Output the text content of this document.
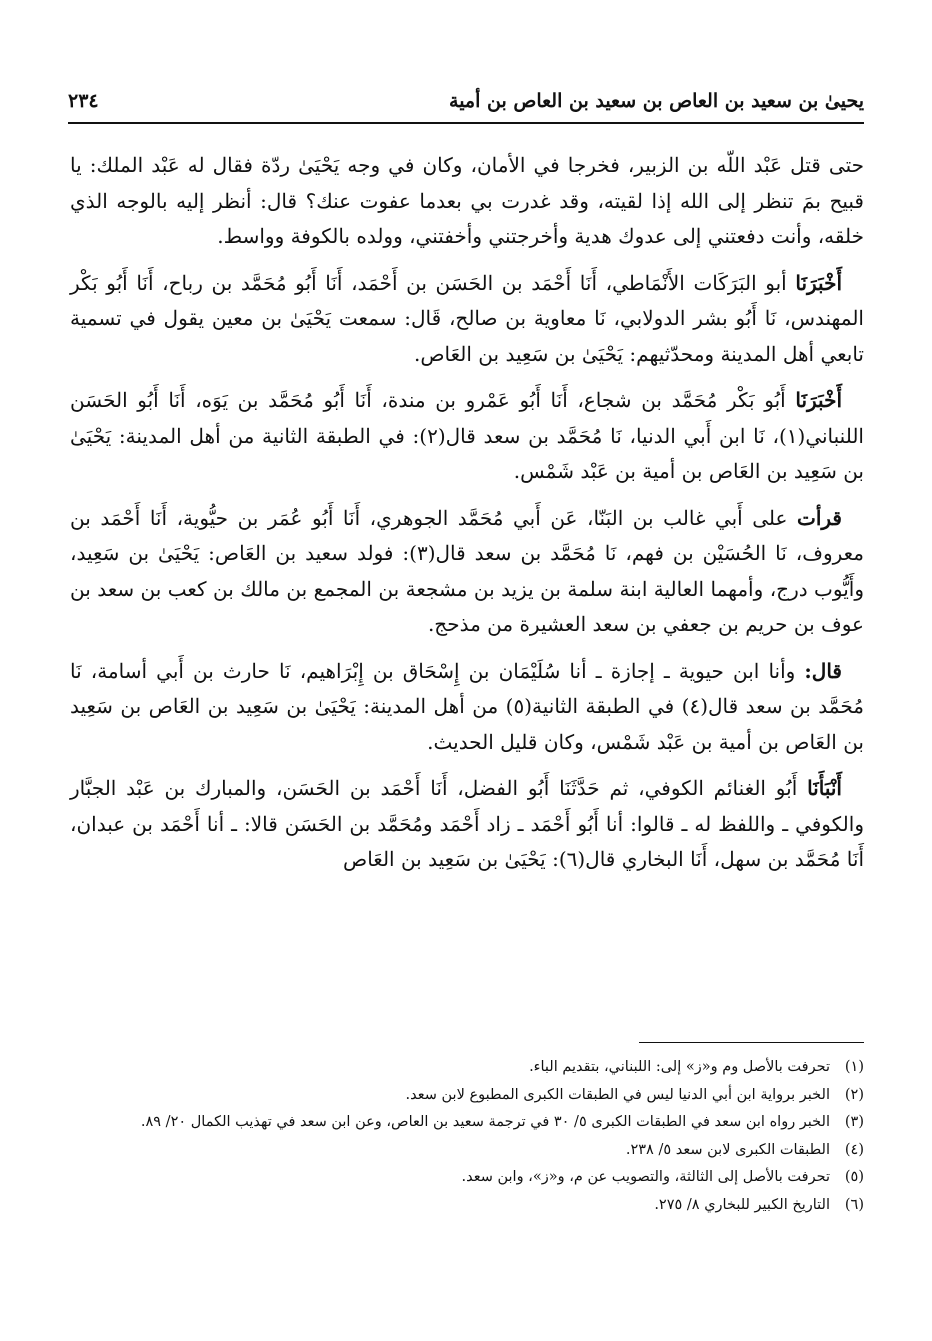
يحيىٰ بن سعيد بن العاص بن سعيد بن العاص بن أمية
٢٣٤

حتى قتل عَبْد اللّه بن الزبير، فخرجا في الأمان، وكان في وجه يَحْيَىٰ ردّة فقال له عَبْد الملك: يا قبيح بمَ تنظر إلى الله إذا لقيته، وقد غدرت بي بعدما عفوت عنك؟ قال: أنظر إليه بالوجه الذي خلقه، وأنت دفعتني إلى عدوك هدية وأخرجتني وأخفتني، وولده بالكوفة وواسط.

أَخْبَرَنَا أبو البَرَكَات الأَنْمَاطي، أَنَا أَحْمَد بن الحَسَن بن أَحْمَد، أَنَا أَبُو مُحَمَّد بن رباح، أَنَا أَبُو بَكْر المهندس، نَا أَبُو بشر الدولابي، نَا معاوية بن صالح، قَال: سمعت يَحْيَىٰ بن معين يقول في تسمية تابعي أهل المدينة ومحدّثيهم: يَحْيَىٰ بن سَعِيد بن العَاص.

أَخْبَرَنَا أَبُو بَكْر مُحَمَّد بن شجاع، أَنَا أَبُو عَمْرو بن مندة، أَنَا أَبُو مُحَمَّد بن يَوَه، أَنَا أَبُو الحَسَن اللنباني(١)، نَا ابن أَبي الدنيا، نَا مُحَمَّد بن سعد قال(٢): في الطبقة الثانية من أهل المدينة: يَحْيَىٰ بن سَعِيد بن العَاص بن أمية بن عَبْد شَمْس.

قرأت على أَبي غالب بن البَنّا، عَن أَبي مُحَمَّد الجوهري، أَنَا أَبُو عُمَر بن حيُّوية، أَنَا أَحْمَد بن معروف، نَا الحُسَيْن بن فهم، نَا مُحَمَّد بن سعد قال(٣): فولد سعيد بن العَاص: يَحْيَىٰ بن سَعِيد، وأَيُّوب درج، وأمهما العالية ابنة سلمة بن يزيد بن مشجعة بن المجمع بن مالك بن كعب بن سعد بن عوف بن حريم بن جعفي بن سعد العشيرة من مذحج.

قال: وأنا ابن حيوية ـ إجازة ـ أنا سُلَيْمَان بن إِسْحَاق بن إِبْرَاهيم، نَا حارث بن أَبي أسامة، نَا مُحَمَّد بن سعد قال(٤) في الطبقة الثانية(٥) من أهل المدينة: يَحْيَىٰ بن سَعِيد بن العَاص بن سَعِيد بن العَاص بن أمية بن عَبْد شَمْس، وكان قليل الحديث.

أَنْبَأَنَا أَبُو الغنائم الكوفي، ثم حَدَّثَنَا أَبُو الفضل، أَنَا أَحْمَد بن الحَسَن، والمبارك بن عَبْد الجبَّار والكوفي ـ واللفظ له ـ قالوا: أنا أَبُو أَحْمَد ـ زاد أَحْمَد ومُحَمَّد بن الحَسَن قالا: ـ أنا أَحْمَد بن عبدان، أَنَا مُحَمَّد بن سهل، أَنَا البخاري قال(٦): يَحْيَىٰ بن سَعِيد بن العَاص

(١)
تحرفت بالأصل وم و«ز» إلى: اللبناني، بتقديم الباء.
(٢)
الخبر برواية ابن أبي الدنيا ليس في الطبقات الكبرى المطبوع لابن سعد.
(٣)
الخبر رواه ابن سعد في الطبقات الكبرى ٥/ ٣٠ في ترجمة سعيد بن العاص، وعن ابن سعد في تهذيب الكمال ٢٠/ ٨٩.
(٤)
الطبقات الكبرى لابن سعد ٥/ ٢٣٨.
(٥)
تحرفت بالأصل إلى الثالثة، والتصويب عن م، و«ز»، وابن سعد.
(٦)
التاريخ الكبير للبخاري ٨/ ٢٧٥.
